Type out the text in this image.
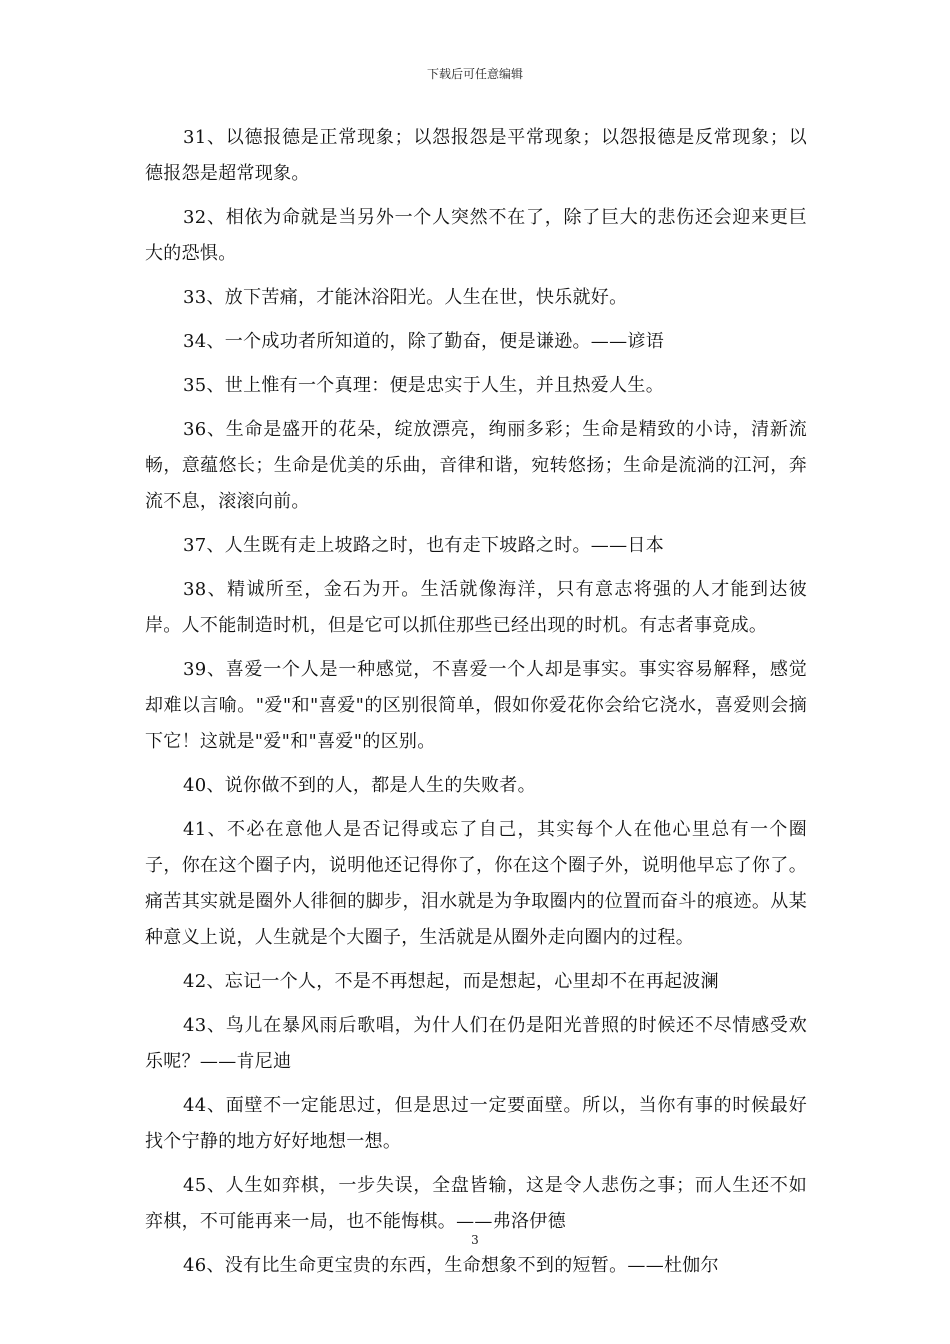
下载后可任意编辑

31、以德报德是正常现象；以怨报怨是平常现象；以怨报德是反常现象；以德报怨是超常现象。

32、相依为命就是当另外一个人突然不在了，除了巨大的悲伤还会迎来更巨大的恐惧。

33、放下苦痛，才能沐浴阳光。人生在世，快乐就好。

34、一个成功者所知道的，除了勤奋，便是谦逊。——谚语

35、世上惟有一个真理：便是忠实于人生，并且热爱人生。

36、生命是盛开的花朵，绽放漂亮，绚丽多彩；生命是精致的小诗，清新流畅，意蕴悠长；生命是优美的乐曲，音律和谐，宛转悠扬；生命是流淌的江河，奔流不息，滚滚向前。

37、人生既有走上坡路之时，也有走下坡路之时。——日本

38、精诚所至，金石为开。生活就像海洋，只有意志将强的人才能到达彼岸。人不能制造时机，但是它可以抓住那些已经出现的时机。有志者事竟成。

39、喜爱一个人是一种感觉，不喜爱一个人却是事实。事实容易解释，感觉却难以言喻。"爱"和"喜爱"的区别很简单，假如你爱花你会给它浇水，喜爱则会摘下它！这就是"爱"和"喜爱"的区别。

40、说你做不到的人，都是人生的失败者。

41、不必在意他人是否记得或忘了自己，其实每个人在他心里总有一个圈子，你在这个圈子内，说明他还记得你了，你在这个圈子外，说明他早忘了你了。痛苦其实就是圈外人徘徊的脚步，泪水就是为争取圈内的位置而奋斗的痕迹。从某种意义上说，人生就是个大圈子，生活就是从圈外走向圈内的过程。

42、忘记一个人，不是不再想起，而是想起，心里却不在再起波澜

43、鸟儿在暴风雨后歌唱，为什人们在仍是阳光普照的时候还不尽情感受欢乐呢？——肯尼迪

44、面壁不一定能思过，但是思过一定要面壁。所以，当你有事的时候最好找个宁静的地方好好地想一想。

45、人生如弈棋，一步失误，全盘皆输，这是令人悲伤之事；而人生还不如弈棋，不可能再来一局，也不能悔棋。——弗洛伊德

46、没有比生命更宝贵的东西，生命想象不到的短暂。——杜伽尔

3
